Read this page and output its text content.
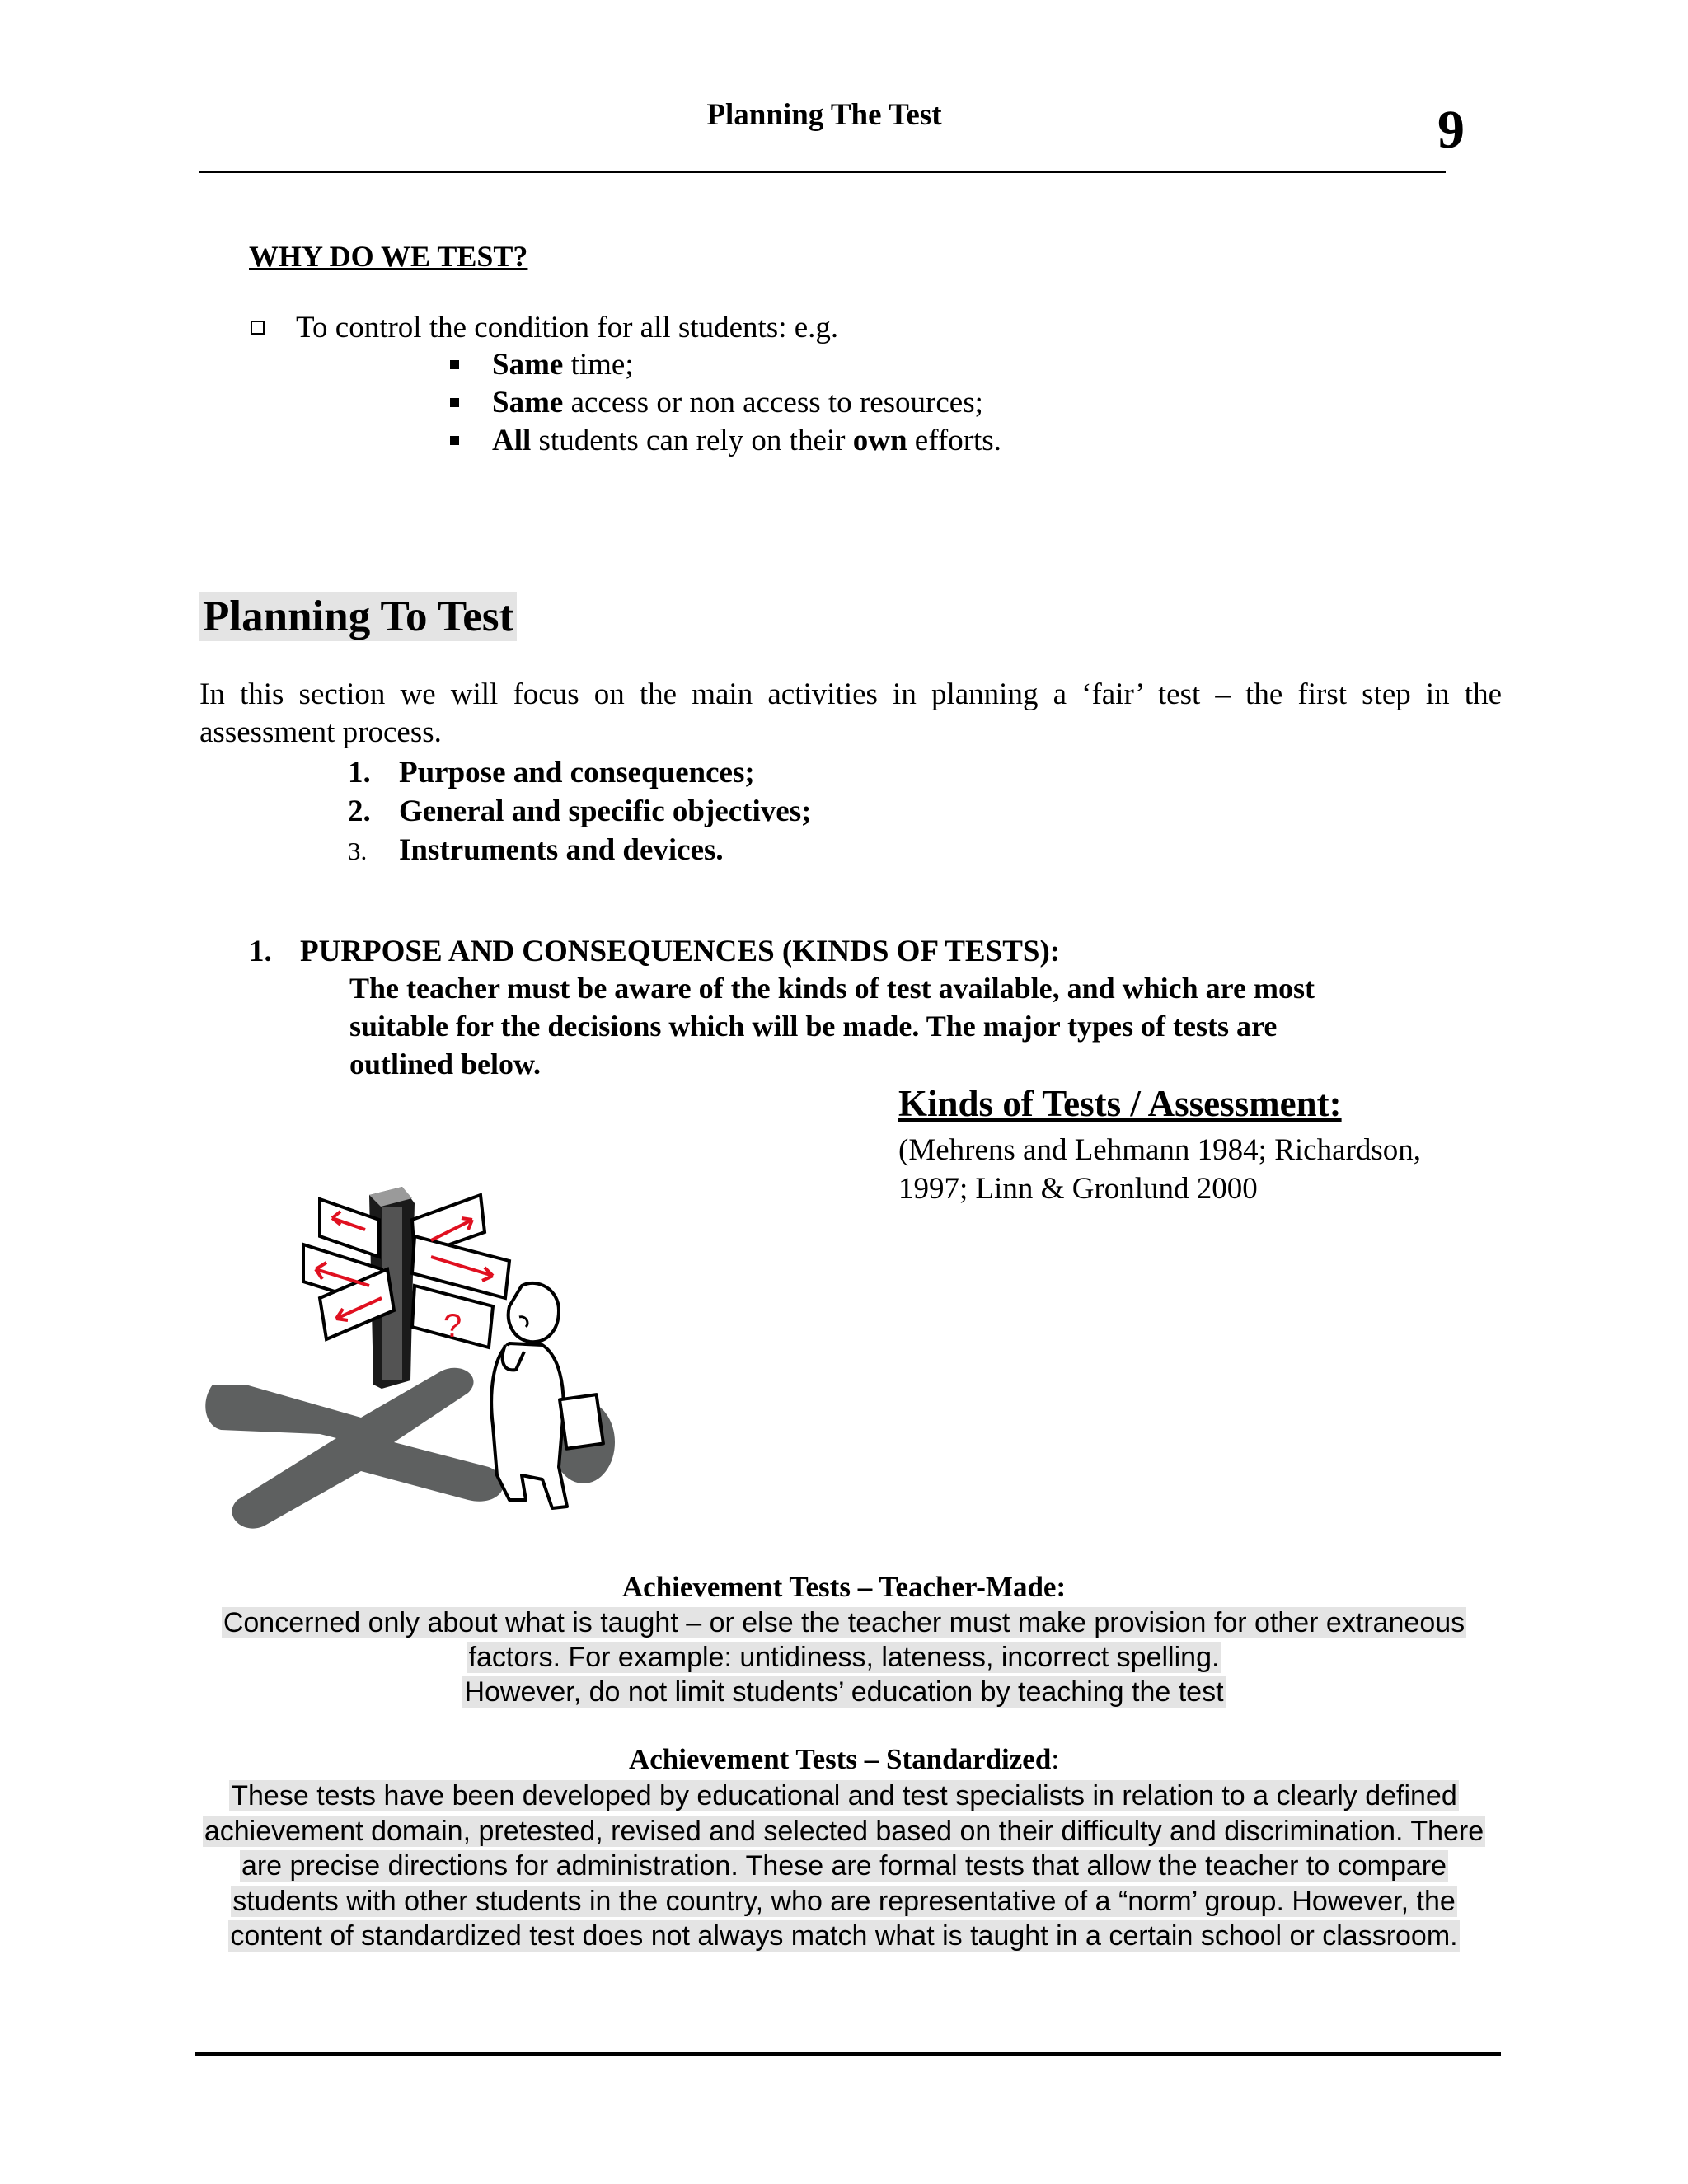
Planning The Test	9
WHY DO WE TEST?
To control the condition for all students: e.g.
Same time;
Same access or non access to resources;
All students can rely on their own efforts.
Planning To Test
In this section we will focus on the main activities in planning a ‘fair’ test – the first step in the
assessment process.
1. Purpose and consequences;
2. General and specific objectives;
3. Instruments and devices.
1. PURPOSE AND CONSEQUENCES (KINDS OF TESTS):
The teacher must be aware of the kinds of test available, and which are most
suitable for the decisions which will be made. The major types of tests are
outlined below.
Kinds of Tests / Assessment:
(Mehrens and Lehmann 1984; Richardson,
1997; Linn & Gronlund 2000
?
Achievement Tests – Teacher-Made:
Concerned only about what is taught – or else the teacher must make provision for other extraneous
factors. For example: untidiness, lateness, incorrect spelling.
However, do not limit students’ education by teaching the test
Achievement Tests – Standardized:
These tests have been developed by educational and test specialists in relation to a clearly defined
achievement domain, pretested, revised and selected based on their difficulty and discrimination. There
are precise directions for administration. These are formal tests that allow the teacher to compare
students with other students in the country, who are representative of a “norm’ group. However, the
content of standardized test does not always match what is taught in a certain school or classroom.
